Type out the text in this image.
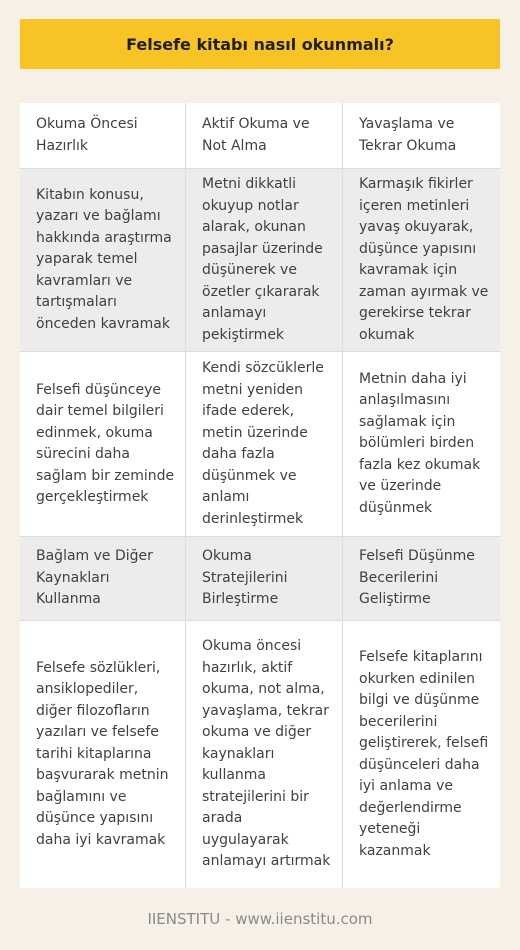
Felsefe kitabı nasıl okunmalı?
Okuma Öncesi Hazırlık
Aktif Okuma ve Not Alma
Yavaşlama ve Tekrar Okuma
Kitabın konusu, yazarı ve bağlamı hakkında araştırma yaparak temel kavramları ve tartışmaları önceden kavramak
Metni dikkatli okuyup notlar alarak, okunan pasajlar üzerinde düşünerek ve özetler çıkararak anlamayı pekiştirmek
Karmaşık fikirler içeren metinleri yavaş okuyarak, düşünce yapısını kavramak için zaman ayırmak ve gerekirse tekrar okumak
Felsefi düşünceye dair temel bilgileri edinmek, okuma sürecini daha sağlam bir zeminde gerçekleştirmek
Kendi sözcüklerle metni yeniden ifade ederek, metin üzerinde daha fazla düşünmek ve anlamı derinleştirmek
Metnin daha iyi anlaşılmasını sağlamak için bölümleri birden fazla kez okumak ve üzerinde düşünmek
Bağlam ve Diğer Kaynakları Kullanma
Okuma Stratejilerini Birleştirme
Felsefi Düşünme Becerilerini Geliştirme
Felsefe sözlükleri, ansiklopediler, diğer filozofların yazıları ve felsefe tarihi kitaplarına başvurarak metnin bağlamını ve düşünce yapısını daha iyi kavramak
Okuma öncesi hazırlık, aktif okuma, not alma, yavaşlama, tekrar okuma ve diğer kaynakları kullanma stratejilerini bir arada uygulayarak anlamayı artırmak
Felsefe kitaplarını okurken edinilen bilgi ve düşünme becerilerini geliştirerek, felsefi düşünceleri daha iyi anlama ve değerlendirme yeteneği kazanmak
IIENSTITU - www.iienstitu.com
